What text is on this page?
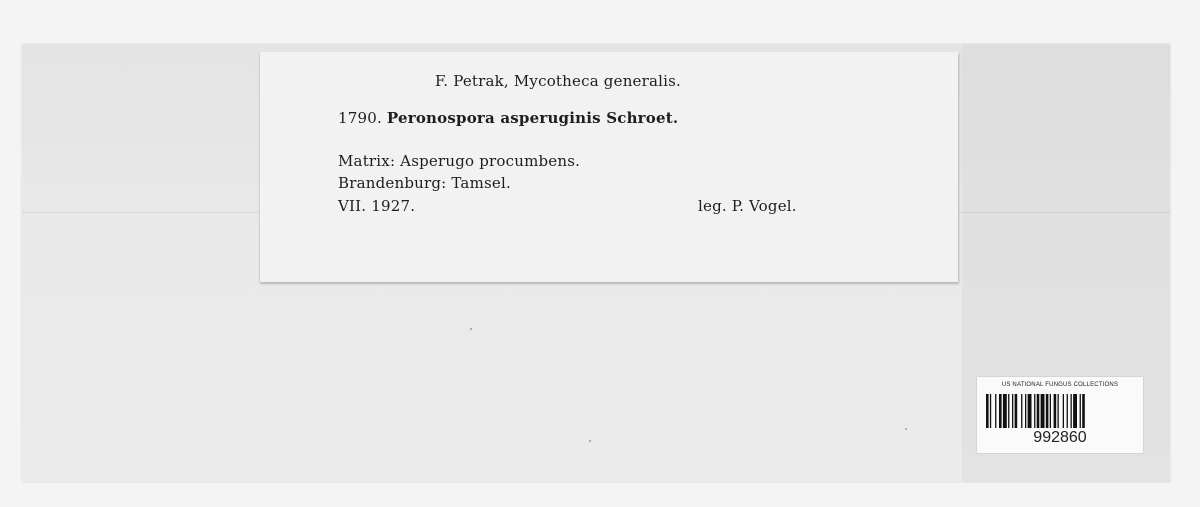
F. Petrak, Mycotheca generalis.
1790. Peronospora asperuginis Schroet.
Matrix: Asperugo procumbens.
Brandenburg: Tamsel.
VII. 1927.	leg. P. Vogel.
US NATIONAL FUNGUS COLLECTIONS
992860
